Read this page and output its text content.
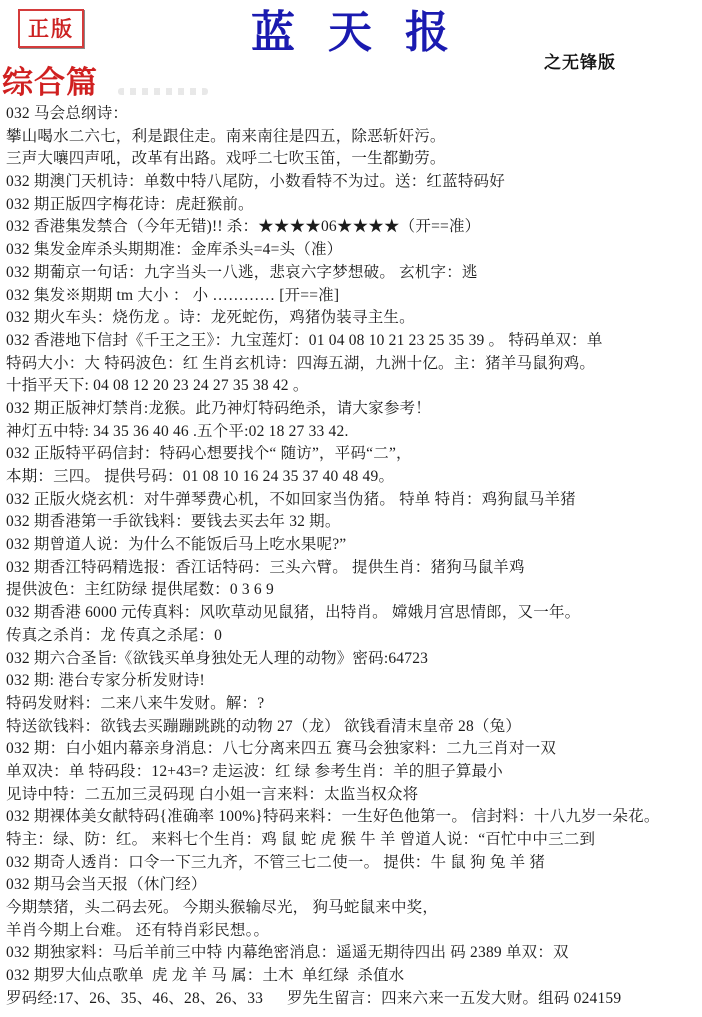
正版	蓝 天 报
之无锋版
综合篇
032 马会总纲诗：
攀山喝水二六七，利是跟住走。南来南往是四五，除恶斩奸污。
三声大嚷四声吼，改革有出路。戏呼二七吹玉笛，一生都勤劳。
032 期澳门天机诗：单数中特八尾防，小数看特不为过。送：红蓝特码好
032 期正版四字梅花诗：虎赶猴前。
032 香港集发禁合（今年无错)!! 杀：★★★★06★★★★（开==准）
032 集发金库杀头期期准：金库杀头=4=头（准）
032 期葡京一句话：九字当头一八逃，悲哀六字梦想破。 玄机字：逃
032 集发※期期 tm 大小 ： 小 ………… [开==准]
032 期火车头：烧伤龙 。诗：龙死蛇伤，鸡猪伪装寻主生。
032 香港地下信封《千王之王》：九宝莲灯：01 04 08 10 21 23 25 35 39 。 特码单双：单
特码大小：大 特码波色：红 生肖玄机诗：四海五湖，九洲十亿。主：猪羊马鼠狗鸡。
十指平天下: 04 08 12 20 23 24 27 35 38 42 。
032 期正版神灯禁肖:龙猴。此乃神灯特码绝杀，请大家参考！
神灯五中特: 34 35 36 40 46 .五个平:02 18 27 33 42.
032 正版特平码信封：特码心想要找个“ 随访”，平码“二”，
本期：三四。 提供号码：01 08 10 16 24 35 37 40 48 49。
032 正版火烧玄机：对牛弹琴费心机，不如回家当伪猪。 特单 特肖：鸡狗鼠马羊猪
032 期香港第一手欲钱料：要钱去买去年 32 期。
032 期曾道人说：为什么不能饭后马上吃水果呢?”
032 期香江特码精选报：香江话特码：三头六臂。 提供生肖：猪狗马鼠羊鸡
提供波色：主红防绿 提供尾数：0 3 6 9
032 期香港 6000 元传真料：风吹草动见鼠猪，出特肖。 嫦娥月宫思情郎，又一年。
传真之杀肖：龙 传真之杀尾：0
032 期六合圣旨:《欲钱买单身独处无人理的动物》密码:64723
032 期: 港台专家分析发财诗!
特码发财料：二来八来牛发财。解：?
特送欲钱料：欲钱去买蹦蹦跳跳的动物 27（龙） 欲钱看清末皇帝 28（兔）
032 期：白小姐内幕亲身消息：八七分离来四五 赛马会独家料：二九三肖对一双
单双决：单 特码段：12+43=? 走运波：红 绿 参考生肖：羊的胆子算最小
见诗中特：二五加三灵码现 白小姐一言来料：太监当权众将
032 期裸体美女献特码{准确率 100%}特码来料：一生好色他第一。 信封料：十八九岁一朵花。
特主：绿、防：红。 来料七个生肖：鸡 鼠 蛇 虎 猴 牛 羊 曾道人说：“百忙中中三二到
032 期奇人透肖：口令一下三九齐，不管三七二使一。 提供：牛 鼠 狗 兔 羊 猪
032 期马会当天报（休门经）
今期禁猪，头二码去死。 今期头猴输尽光， 狗马蛇鼠来中奖，
羊肖今期上台难。 还有特肖彩民想。。
032 期独家料：马后羊前三中特 内幕绝密消息：遥遥无期待四出 码 2389 单双：双
032 期罗大仙点歌单  虎 龙 羊 马 属：土木  单红绿  杀值水
罗码经:17、26、35、46、28、26、33　  罗先生留言：四来六来一五发大财。组码 024159
